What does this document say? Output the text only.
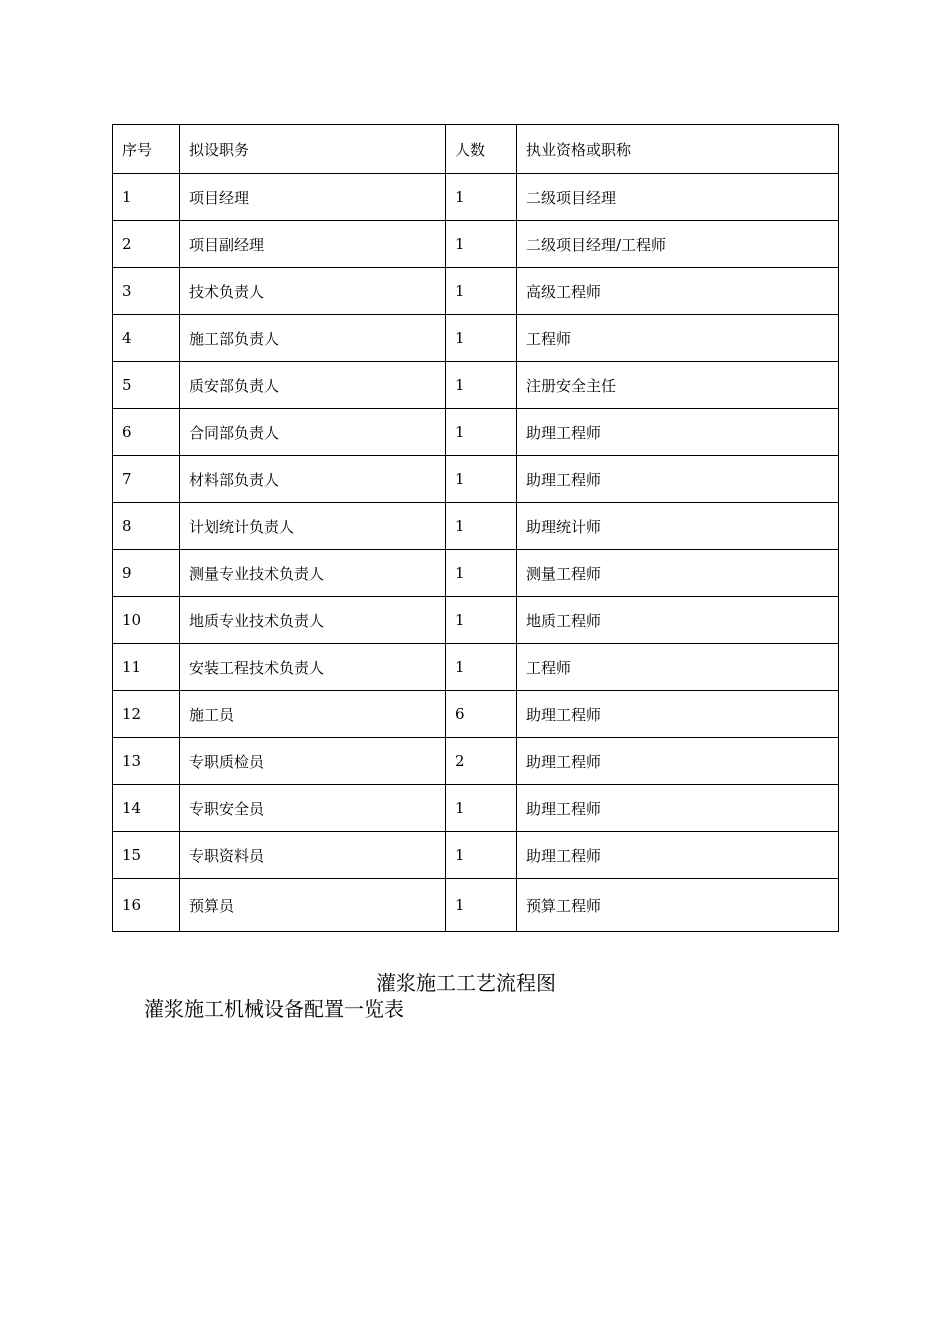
序号	拟设职务	人数	执业资格或职称
1	项目经理	1	二级项目经理
2	项目副经理	1	二级项目经理/工程师
3	技术负责人	1	高级工程师
4	施工部负责人	1	工程师
5	质安部负责人	1	注册安全主任
6	合同部负责人	1	助理工程师
7	材料部负责人	1	助理工程师
8	计划统计负责人	1	助理统计师
9	测量专业技术负责人	1	测量工程师
10	地质专业技术负责人	1	地质工程师
11	安装工程技术负责人	1	工程师
12	施工员	6	助理工程师
13	专职质检员	2	助理工程师
14	专职安全员	1	助理工程师
15	专职资料员	1	助理工程师
16	预算员	1	预算工程师
灌浆施工工艺流程图
灌浆施工机械设备配置一览表
